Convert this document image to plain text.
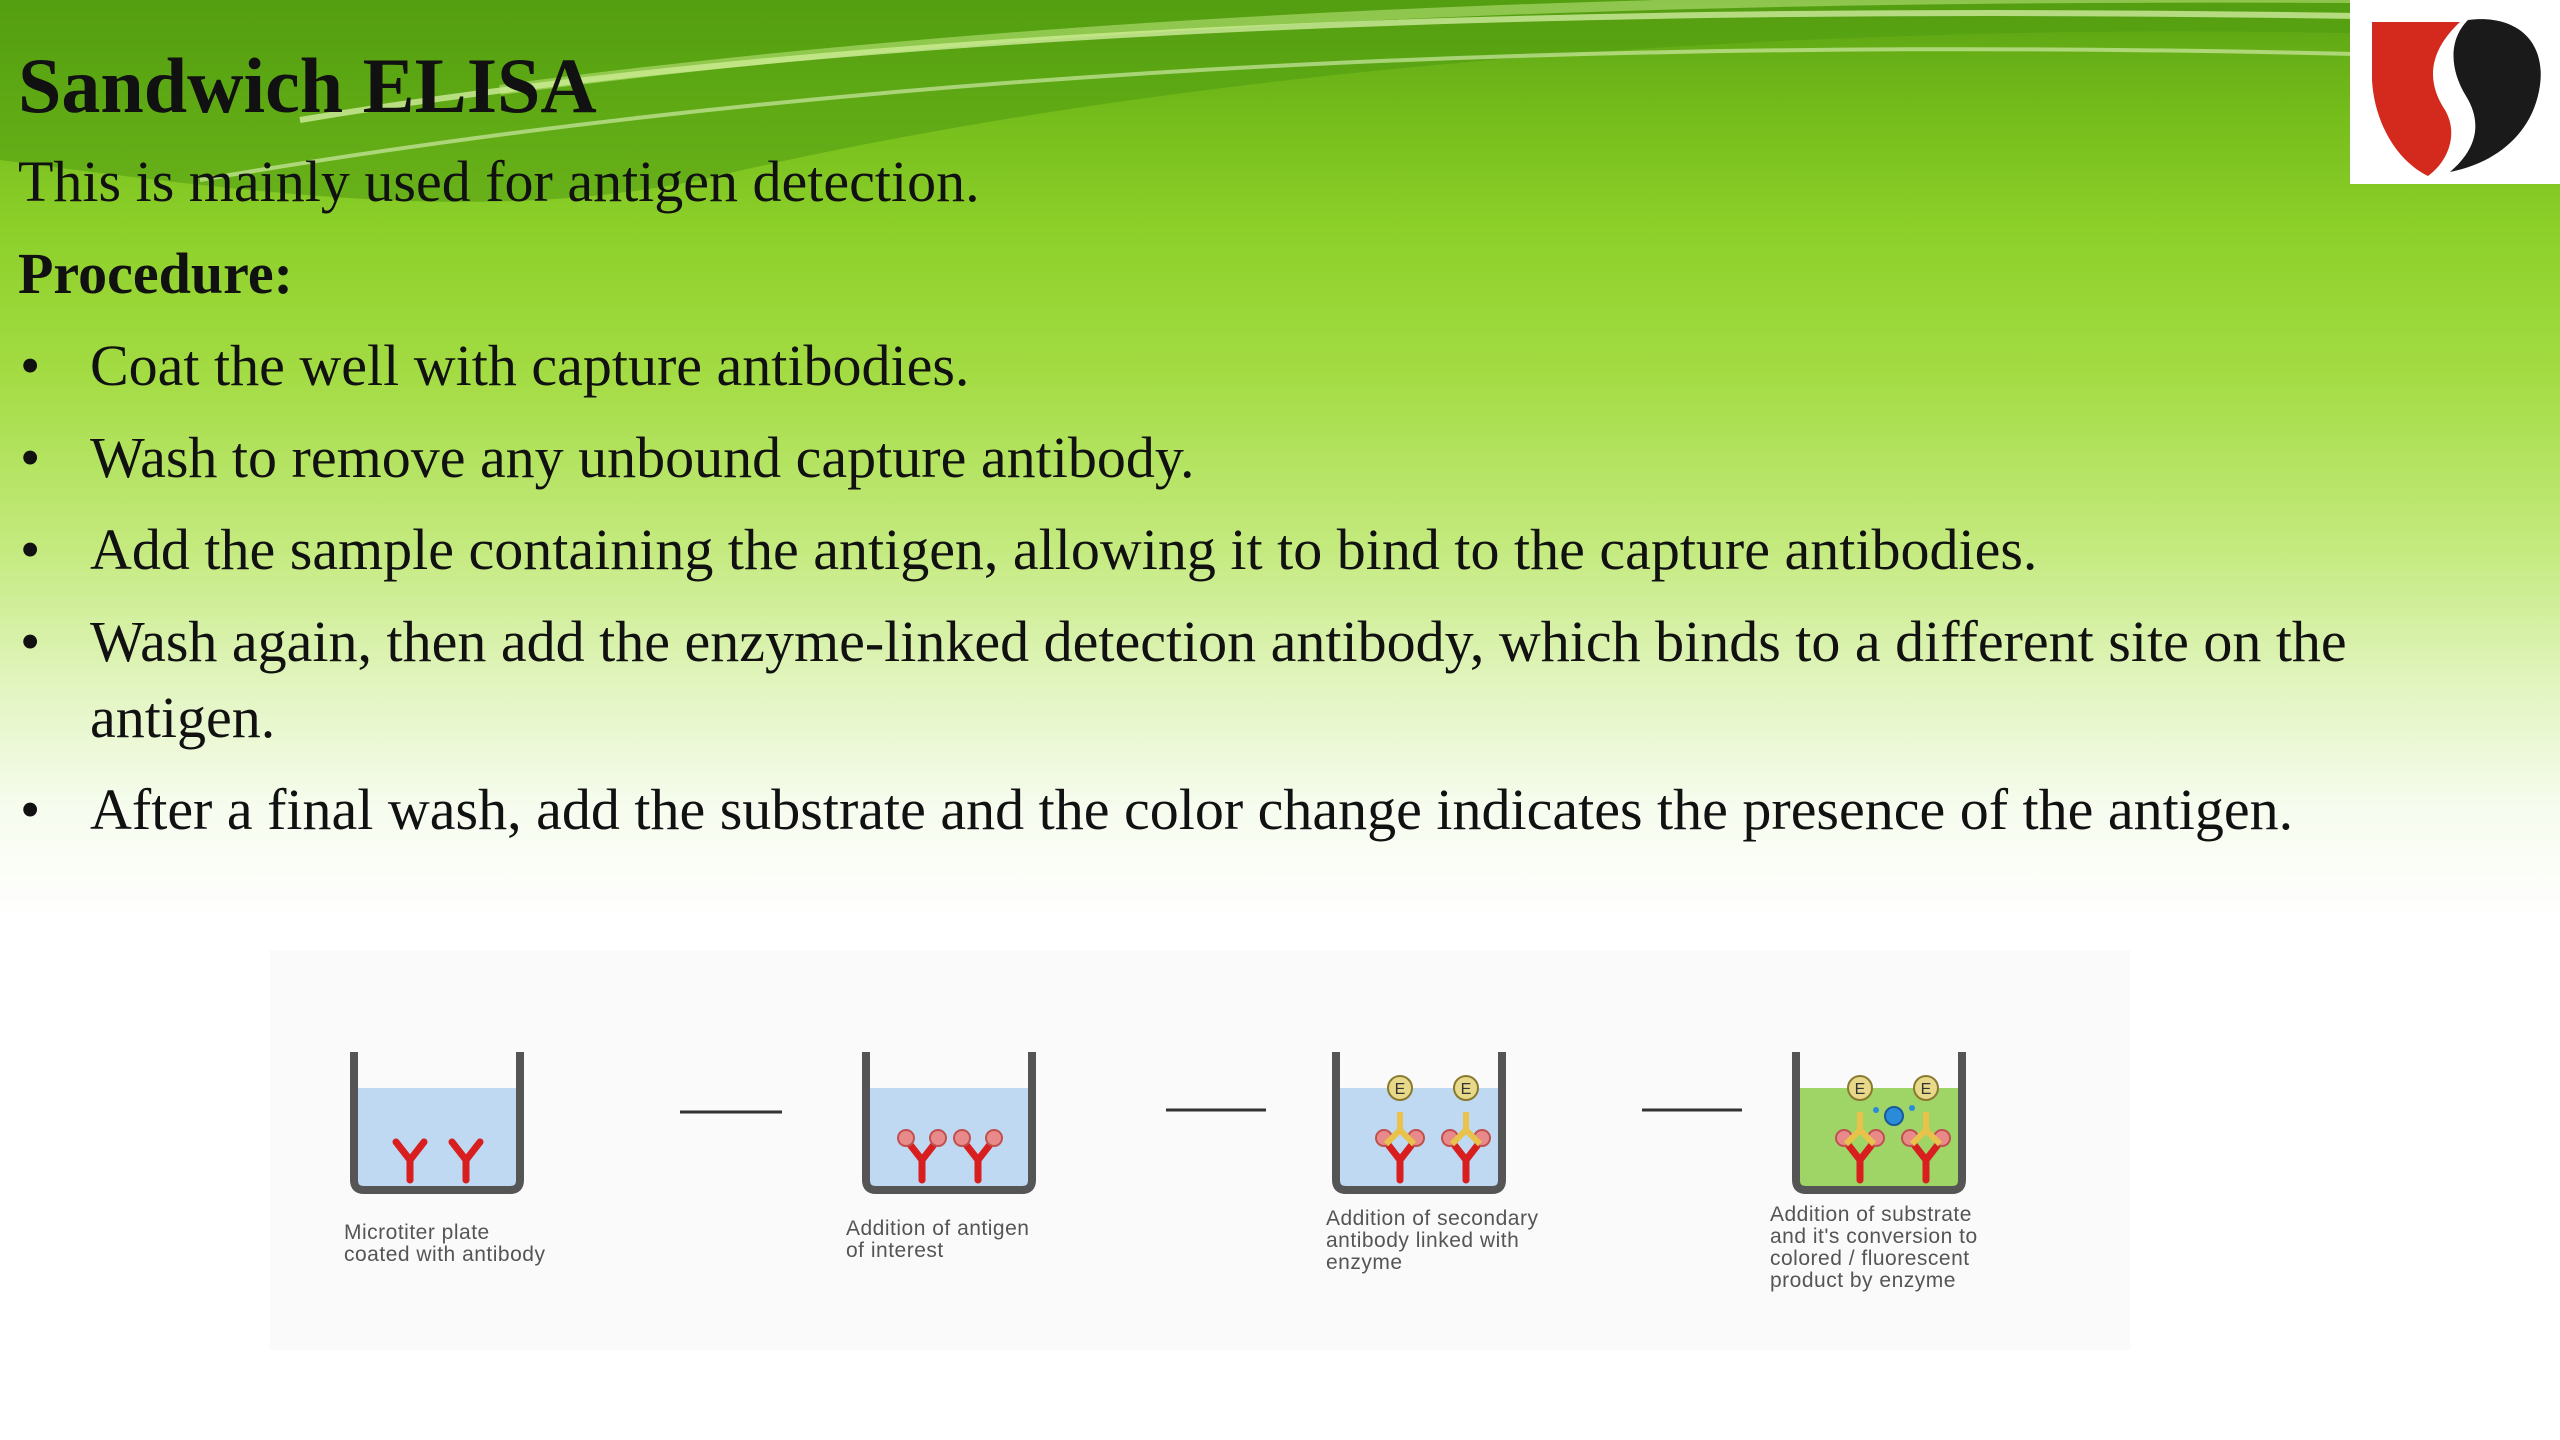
Sandwich ELISA

This is mainly used for antigen detection.

Procedure:

• Coat the well with capture antibodies.
• Wash to remove any unbound capture antibody.
• Add the sample containing the antigen, allowing it to bind to the capture antibodies.
• Wash again, then add the enzyme-linked detection antibody, which binds to a different site on the antigen.
• After a final wash, add the substrate and the color change indicates the presence of the antigen.
E	E	E	E
Microtiter plate
coated with antibody
Addition of antigen
of interest
Addition of secondary
antibody linked with
enzyme
Addition of substrate
and it's conversion to
colored / fluorescent
product by enzyme
